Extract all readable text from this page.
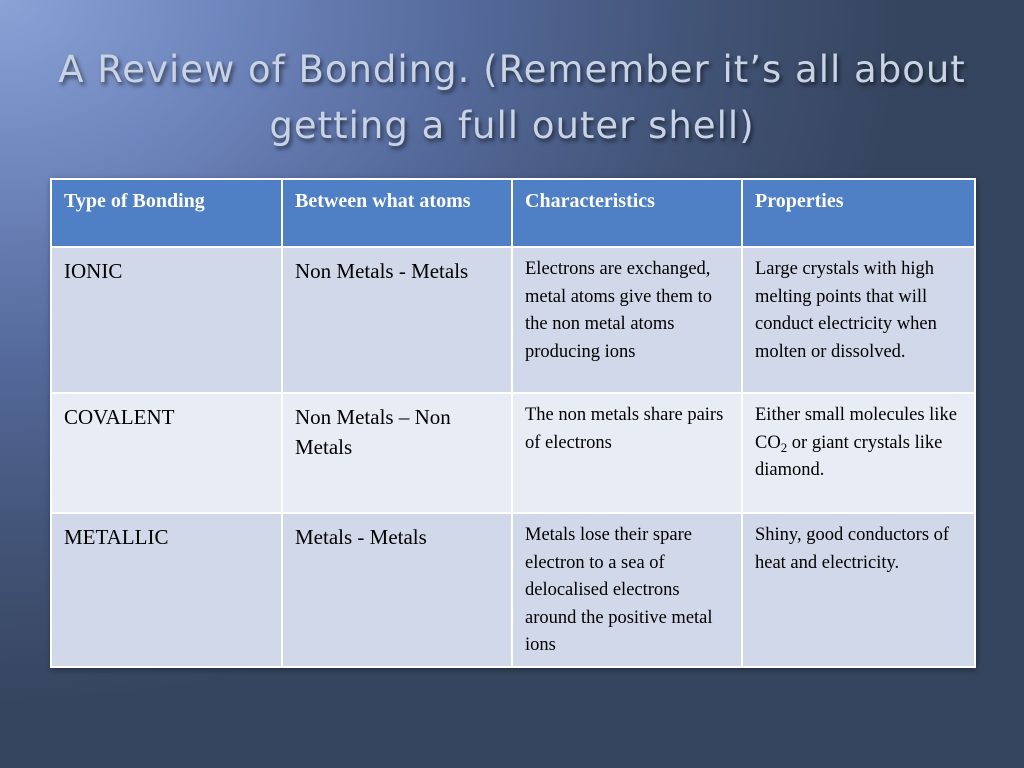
A Review of Bonding. (Remember it’s all about getting a full outer shell)
Type of Bonding	Between what atoms	Characteristics	Properties
IONIC	Non Metals - Metals	Electrons are exchanged, metal atoms give them to the non metal atoms producing ions	Large crystals with high melting points that will conduct electricity when molten or dissolved.
COVALENT	Non Metals – Non Metals	The non metals share pairs of electrons	Either small molecules like $CO_2$ or giant crystals like diamond.
METALLIC	Metals - Metals	Metals lose their spare electron to a sea of delocalised electrons around the positive metal ions	Shiny, good conductors of heat and electricity.
